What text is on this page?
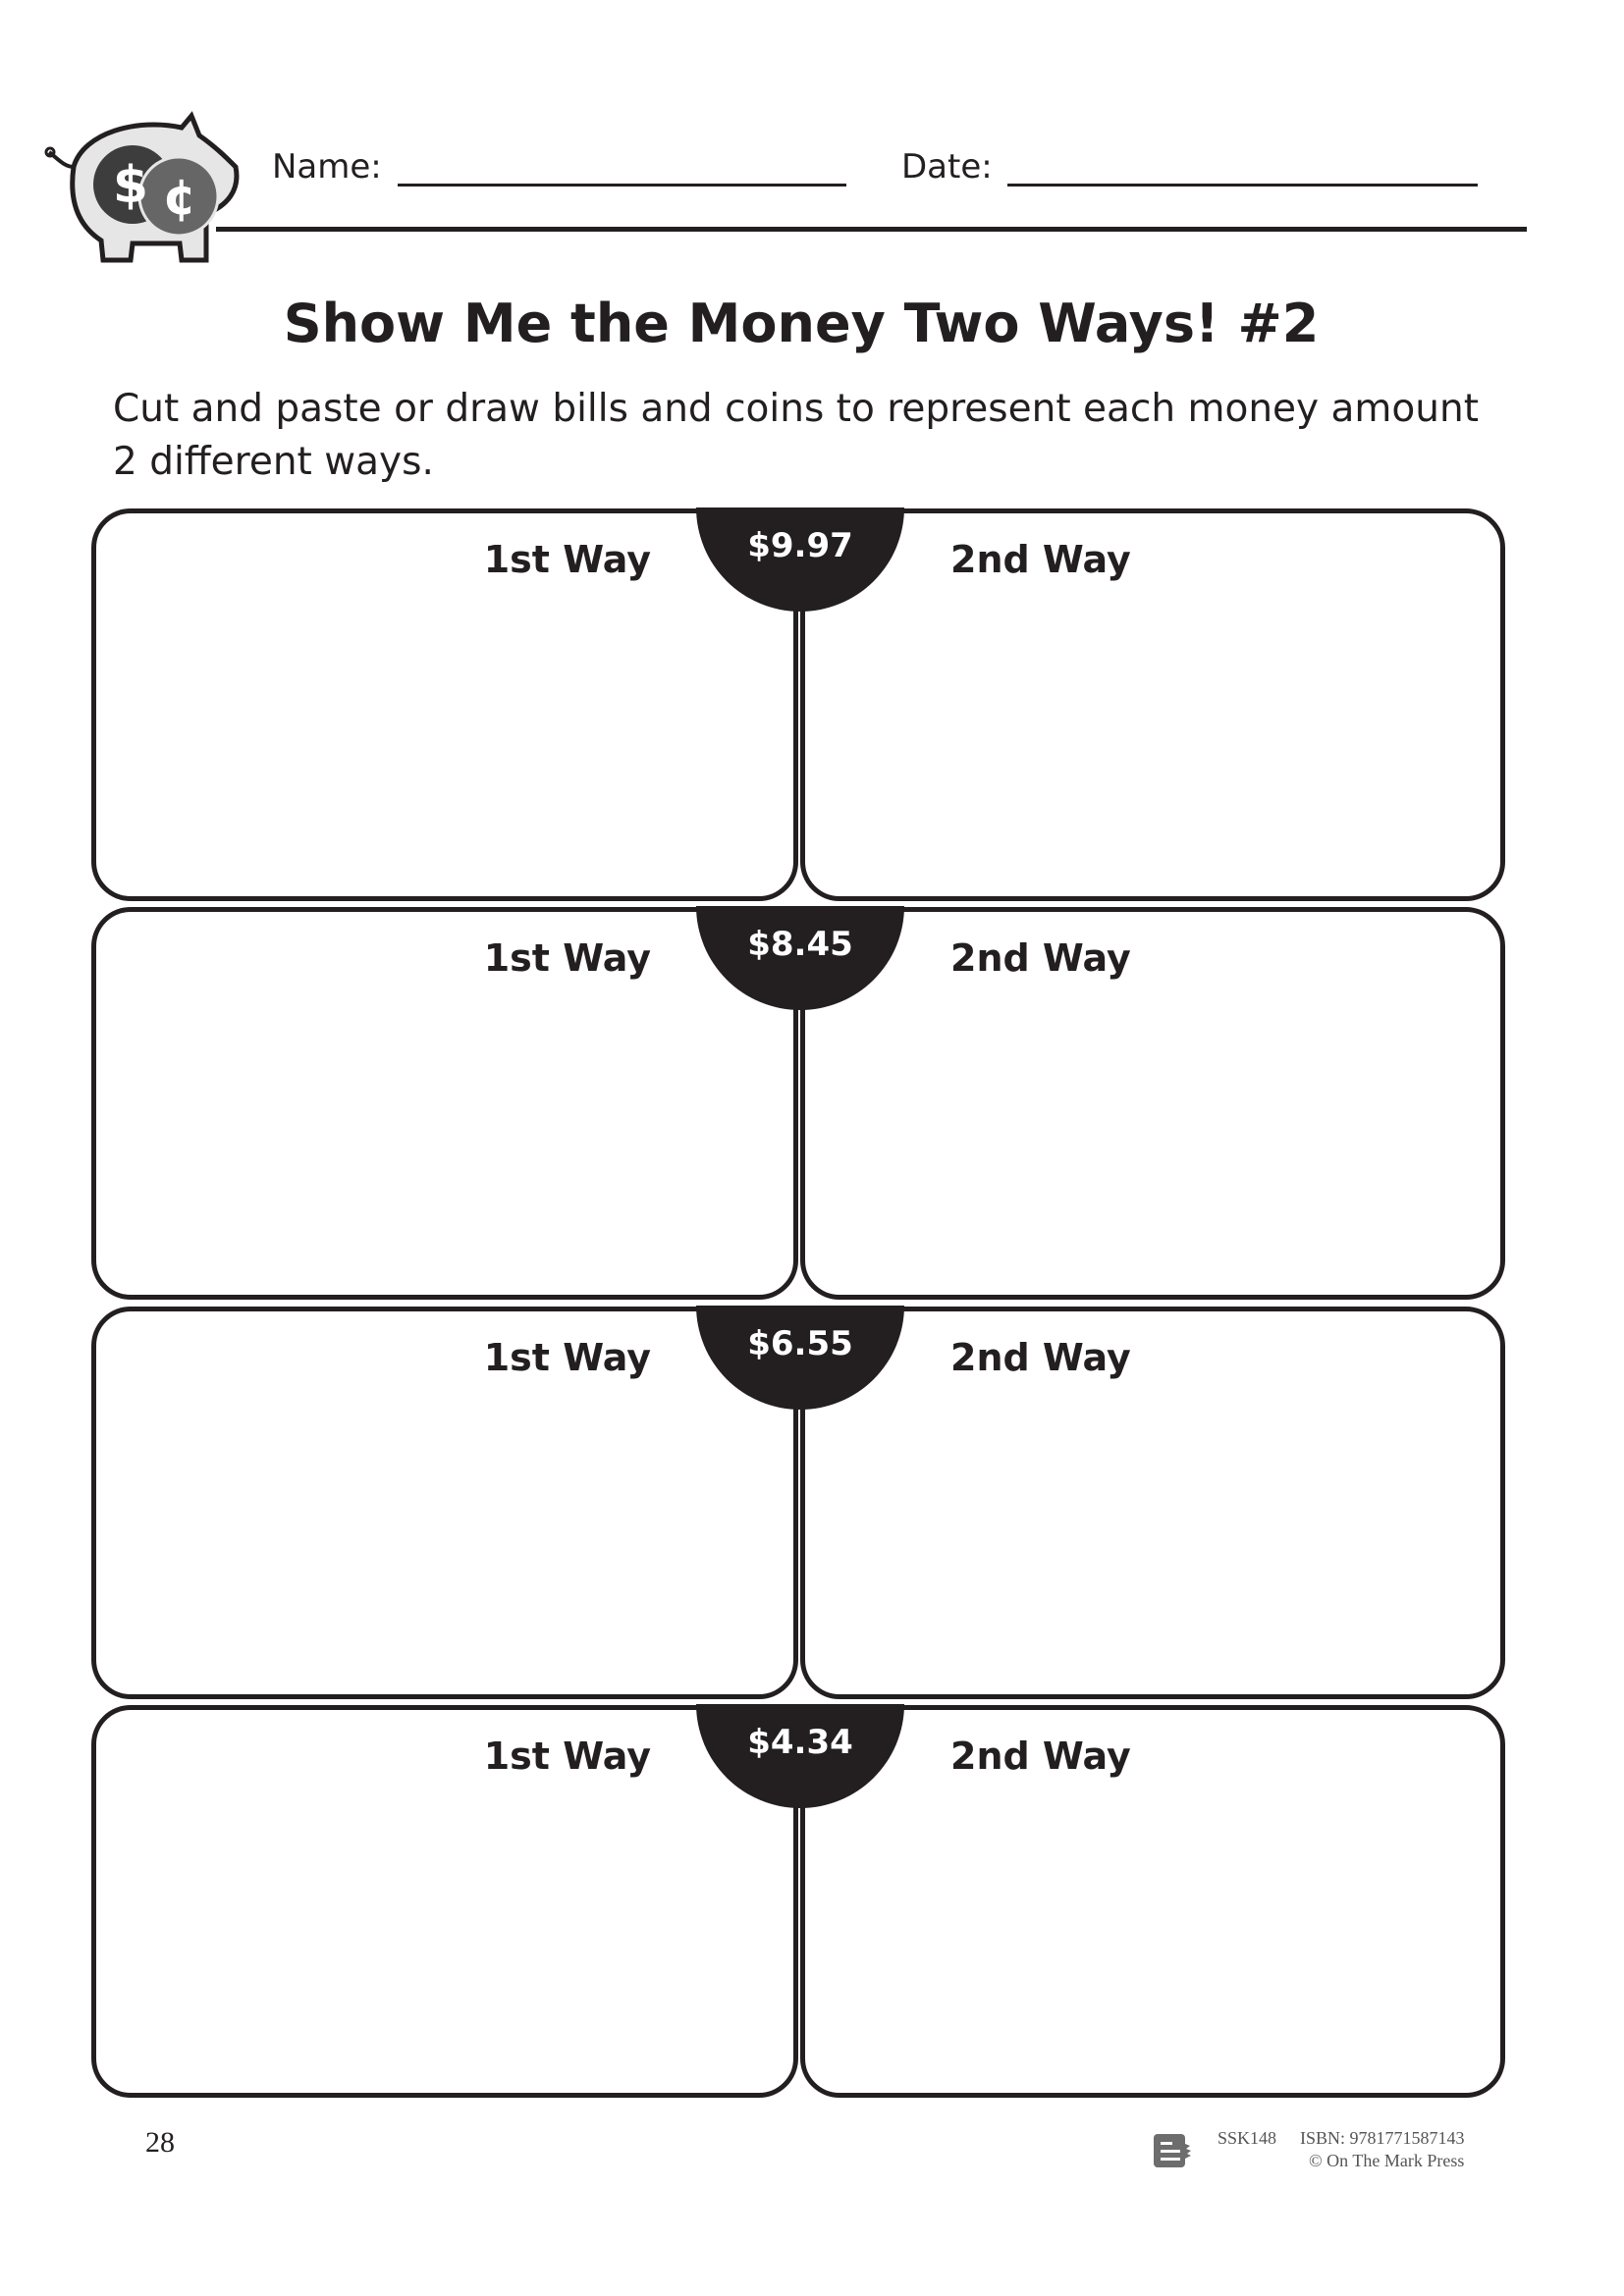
$ ¢
Name:	Date:
Show Me the Money Two Ways! #2
Cut and paste or draw bills and coins to represent each money amount 2 different ways.
$9.97
1st Way	2nd Way
$8.45
1st Way	2nd Way
$6.55
1st Way	2nd Way
$4.34
1st Way	2nd Way
28	SSK148 ISBN: 9781771587143
© On The Mark Press
